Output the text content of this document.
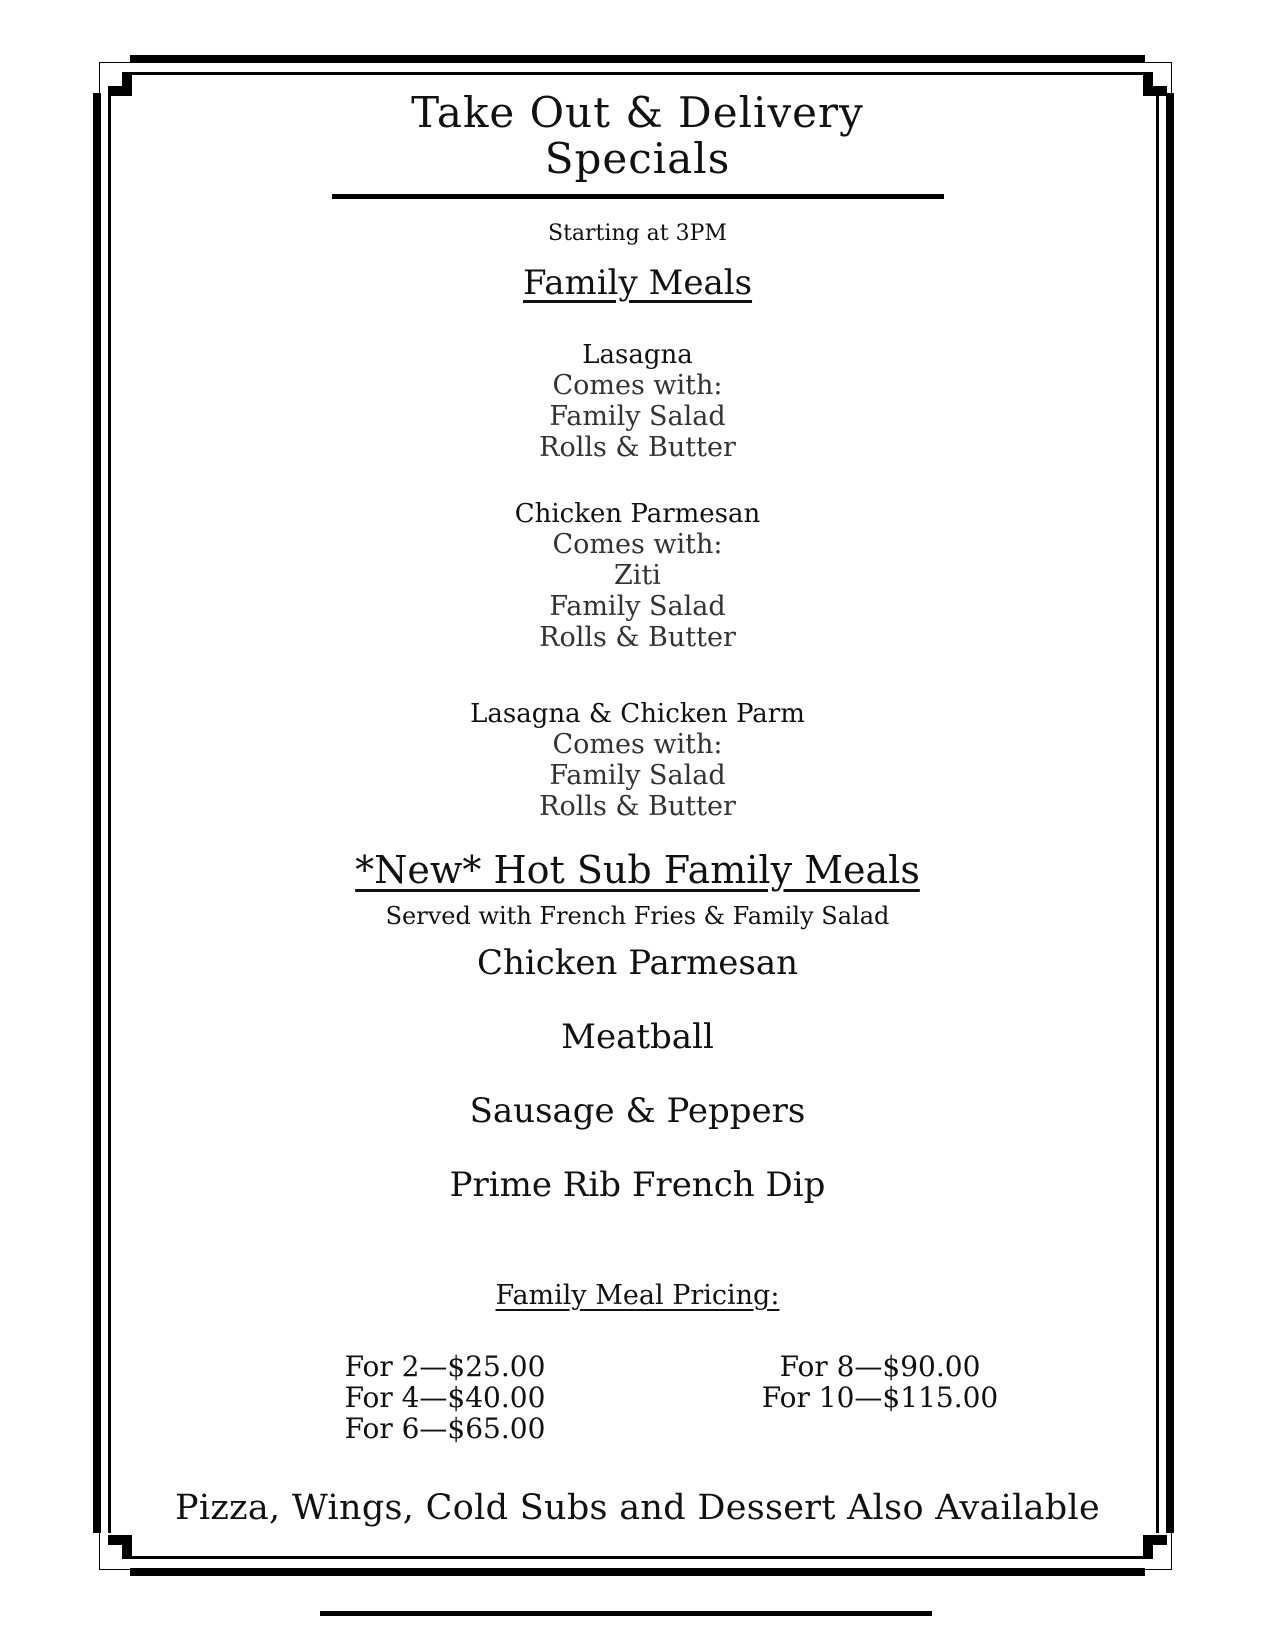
Take Out & Delivery Specials
Starting at 3PM
Family Meals
Lasagna
Comes with:
Family Salad
Rolls & Butter
Chicken Parmesan
Comes with:
Ziti
Family Salad
Rolls & Butter
Lasagna & Chicken Parm
Comes with:
Family Salad
Rolls & Butter
*New* Hot Sub Family Meals
Served with French Fries & Family Salad
Chicken Parmesan
Meatball
Sausage & Peppers
Prime Rib French Dip
Family Meal Pricing:
For 2—$25.00
For 4—$40.00
For 6—$65.00
For 8—$90.00
For 10—$115.00
Pizza, Wings, Cold Subs and Dessert Also Available
